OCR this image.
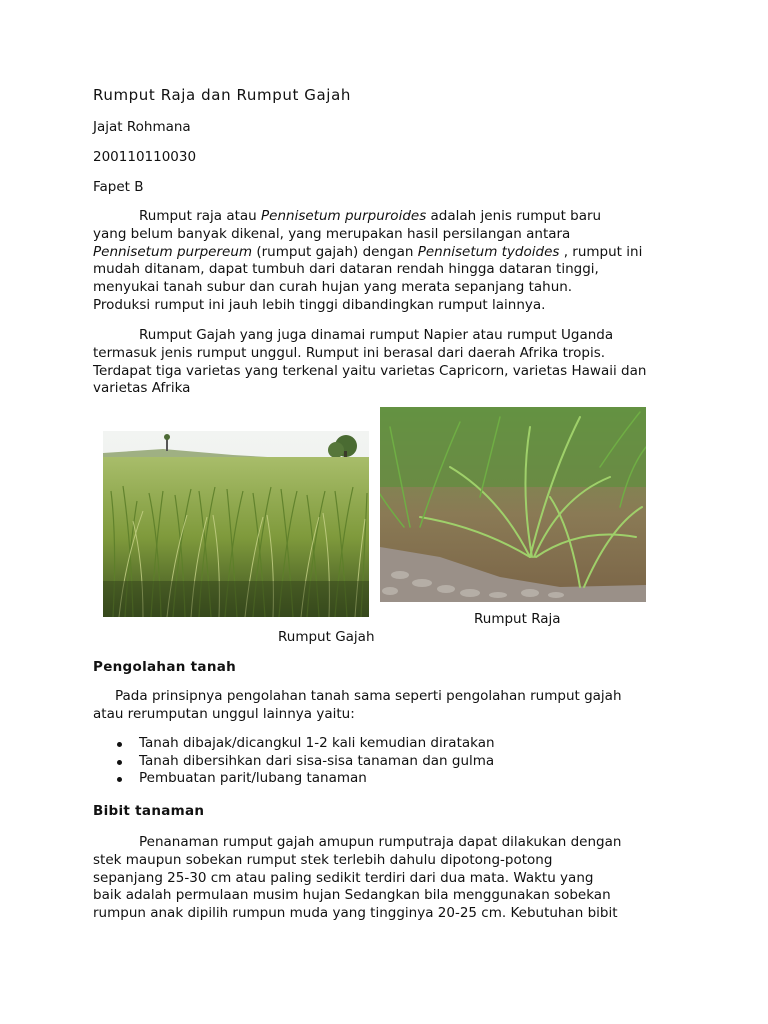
Rumput Raja dan Rumput Gajah
Jajat Rohmana
200110110030
Fapet B
Rumput raja atau Pennisetum purpuroides adalah jenis rumput baru
yang belum banyak dikenal, yang merupakan hasil persilangan antara
Pennisetum purpereum (rumput gajah) dengan Pennisetum tydoides , rumput ini
mudah ditanam, dapat tumbuh dari dataran rendah hingga dataran tinggi,
menyukai tanah subur dan curah hujan yang merata sepanjang tahun.
Produksi rumput ini jauh lebih tinggi dibandingkan rumput lainnya.
Rumput Gajah yang juga dinamai rumput Napier atau rumput Uganda
termasuk jenis rumput unggul. Rumput ini berasal dari daerah Afrika tropis.
Terdapat tiga varietas yang terkenal yaitu varietas Capricorn, varietas Hawaii dan
varietas Afrika
Rumput Raja
Rumput Gajah
Pengolahan tanah
Pada prinsipnya pengolahan tanah sama seperti pengolahan rumput gajah
atau rerumputan unggul lainnya yaitu:
Tanah dibajak/dicangkul 1-2 kali kemudian diratakan
Tanah dibersihkan dari sisa-sisa tanaman dan gulma
Pembuatan parit/lubang tanaman
Bibit tanaman
Penanaman rumput gajah amupun rumputraja dapat dilakukan dengan
stek maupun sobekan rumput stek terlebih dahulu dipotong-potong
sepanjang 25-30 cm atau paling sedikit terdiri dari dua mata. Waktu yang
baik adalah permulaan musim hujan Sedangkan bila menggunakan sobekan
rumpun anak dipilih rumpun muda yang tingginya 20-25 cm. Kebutuhan bibit
